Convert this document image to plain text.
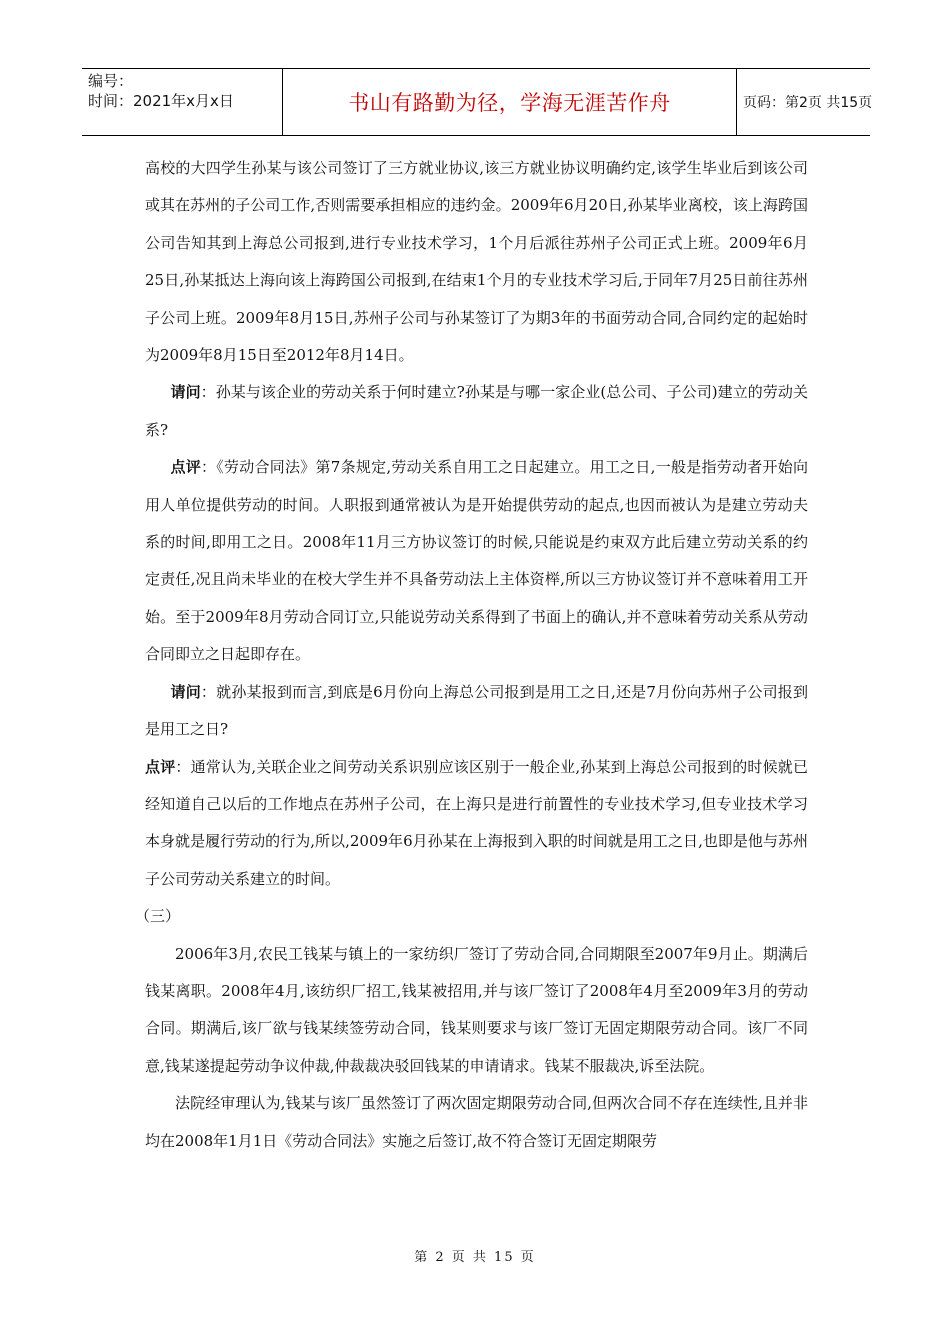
编号：
时间：2021年x月x日	书山有路勤为径，学海无涯苦作舟	页码：第2页 共15页

高校的大四学生孙某与该公司签订了三方就业协议,该三方就业协议明确约定,该学生毕业后到该公司或其在苏州的子公司工作,否则需要承担相应的违约金。2009年6月20日,孙某毕业离校，该上海跨国公司告知其到上海总公司报到,进行专业技术学习，1个月后派往苏州子公司正式上班。2009年6月25日,孙某抵达上海向该上海跨国公司报到,在结束1个月的专业技术学习后,于同年7月25日前往苏州子公司上班。2009年8月15日,苏州子公司与孙某签订了为期3年的书面劳动合同,合同约定的起始时为2009年8月15日至2012年8月14日。

请问：孙某与该企业的劳动关系于何时建立?孙某是与哪一家企业(总公司、子公司)建立的劳动关系?

点评：《劳动合同法》第7条规定,劳动关系自用工之日起建立。用工之日,一般是指劳动者开始向用人单位提供劳动的时间。人职报到通常被认为是开始提供劳动的起点,也因而被认为是建立劳动夫系的时间,即用工之日。2008年11月三方协议签订的时候,只能说是约束双方此后建立劳动关系的约定责任,况且尚未毕业的在校大学生并不具备劳动法上主体资榉,所以三方协议签订并不意味着用工开始。至于2009年8月劳动合同订立,只能说劳动关系得到了书面上的确认,并不意味着劳动关系从劳动合同即立之日起即存在。

请问：就孙某报到而言,到底是6月份向上海总公司报到是用工之日,还是7月份向苏州子公司报到是用工之日?

点评：通常认为,关联企业之间劳动关系识别应该区别于一般企业,孙某到上海总公司报到的时候就已经知道自己以后的工作地点在苏州子公司，在上海只是进行前置性的专业技术学习,但专业技术学习本身就是履行劳动的行为,所以,2009年6月孙某在上海报到入职的时间就是用工之日,也即是他与苏州子公司劳动关系建立的时间。

（三）

2006年3月,农民工钱某与镇上的一家纺织厂签订了劳动合同,合同期限至2007年9月止。期满后钱某离职。2008年4月,该纺织厂招工,钱某被招用,并与该厂签订了2008年4月至2009年3月的劳动合同。期满后,该厂欲与钱某续签劳动合同，钱某则要求与该厂签订无固定期限劳动合同。该厂不同意,钱某遂提起劳动争议仲裁,仲裁裁决驳回钱某的申请请求。钱某不服裁决,诉至法院。

法院经审理认为,钱某与该厂虽然签订了两次固定期限劳动合同,但两次合同不存在连续性,且并非均在2008年1月1日《劳动合同法》实施之后签订,故不符合签订无固定期限劳

第 2 页 共 15 页
